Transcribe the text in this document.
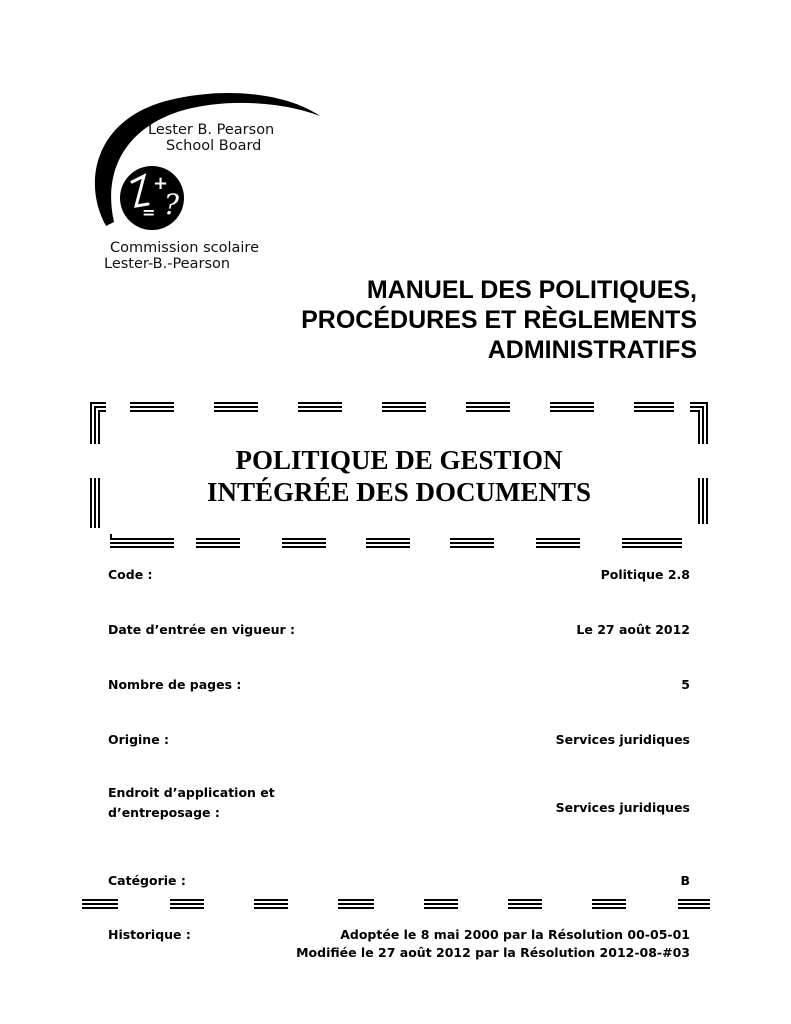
Lester B. Pearson
School Board
+
= ?
Commission scolaire
Lester-B.-Pearson
MANUEL DES POLITIQUES,
PROCÉDURES ET RÈGLEMENTS
ADMINISTRATIFS
POLITIQUE DE GESTION
INTÉGRÉE DES DOCUMENTS
Code :	Politique 2.8
Date d’entrée en vigueur :	Le 27 août 2012
Nombre de pages :	5
Origine :	Services juridiques
Endroit d’application et
d’entreposage :	Services juridiques
Catégorie :	B
Historique :	Adoptée le 8 mai 2000 par la Résolution 00-05-01
Modifiée le 27 août 2012 par la Résolution 2012-08-#03
